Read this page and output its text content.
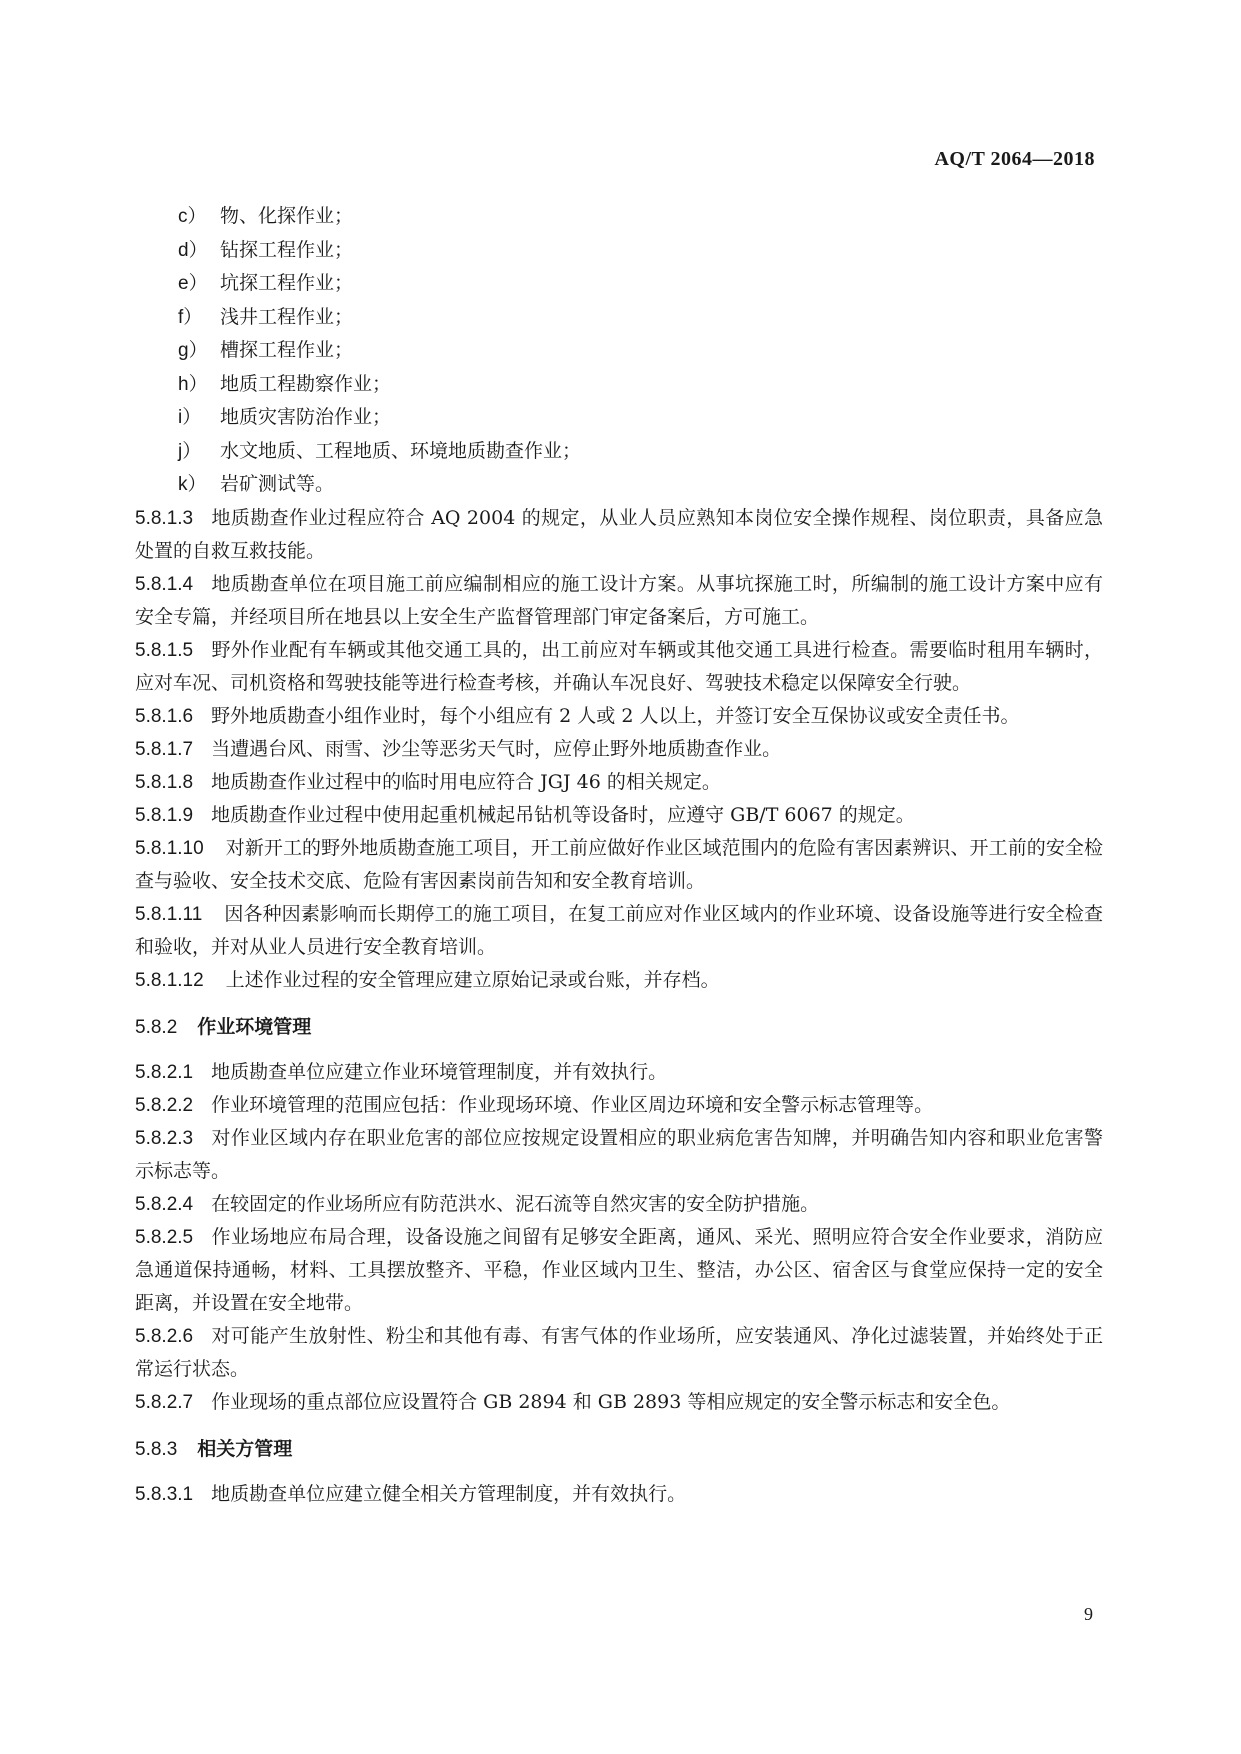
AQ/T 2064—2018
c） 物、化探作业；
d） 钻探工程作业；
e） 坑探工程作业；
f） 浅井工程作业；
g） 槽探工程作业；
h） 地质工程勘察作业；
i） 地质灾害防治作业；
j） 水文地质、工程地质、环境地质勘查作业；
k） 岩矿测试等。

5.8.1.3 地质勘查作业过程应符合 AQ 2004 的规定，从业人员应熟知本岗位安全操作规程、岗位职责，具备应急处置的自救互救技能。

5.8.1.4 地质勘查单位在项目施工前应编制相应的施工设计方案。从事坑探施工时，所编制的施工设计方案中应有安全专篇，并经项目所在地县以上安全生产监督管理部门审定备案后，方可施工。

5.8.1.5 野外作业配有车辆或其他交通工具的，出工前应对车辆或其他交通工具进行检查。需要临时租用车辆时，应对车况、司机资格和驾驶技能等进行检查考核，并确认车况良好、驾驶技术稳定以保障安全行驶。

5.8.1.6 野外地质勘查小组作业时，每个小组应有 2 人或 2 人以上，并签订安全互保协议或安全责任书。

5.8.1.7 当遭遇台风、雨雪、沙尘等恶劣天气时，应停止野外地质勘查作业。

5.8.1.8 地质勘查作业过程中的临时用电应符合 JGJ 46 的相关规定。

5.8.1.9 地质勘查作业过程中使用起重机械起吊钻机等设备时，应遵守 GB/T 6067 的规定。

5.8.1.10 对新开工的野外地质勘查施工项目，开工前应做好作业区域范围内的危险有害因素辨识、开工前的安全检查与验收、安全技术交底、危险有害因素岗前告知和安全教育培训。

5.8.1.11 因各种因素影响而长期停工的施工项目，在复工前应对作业区域内的作业环境、设备设施等进行安全检查和验收，并对从业人员进行安全教育培训。

5.8.1.12 上述作业过程的安全管理应建立原始记录或台账，并存档。

5.8.2 作业环境管理

5.8.2.1 地质勘查单位应建立作业环境管理制度，并有效执行。

5.8.2.2 作业环境管理的范围应包括：作业现场环境、作业区周边环境和安全警示标志管理等。

5.8.2.3 对作业区域内存在职业危害的部位应按规定设置相应的职业病危害告知牌，并明确告知内容和职业危害警示标志等。

5.8.2.4 在较固定的作业场所应有防范洪水、泥石流等自然灾害的安全防护措施。

5.8.2.5 作业场地应布局合理，设备设施之间留有足够安全距离，通风、采光、照明应符合安全作业要求，消防应急通道保持通畅，材料、工具摆放整齐、平稳，作业区域内卫生、整洁，办公区、宿舍区与食堂应保持一定的安全距离，并设置在安全地带。

5.8.2.6 对可能产生放射性、粉尘和其他有毒、有害气体的作业场所，应安装通风、净化过滤装置，并始终处于正常运行状态。

5.8.2.7 作业现场的重点部位应设置符合 GB 2894 和 GB 2893 等相应规定的安全警示标志和安全色。

5.8.3 相关方管理

5.8.3.1 地质勘查单位应建立健全相关方管理制度，并有效执行。

9
